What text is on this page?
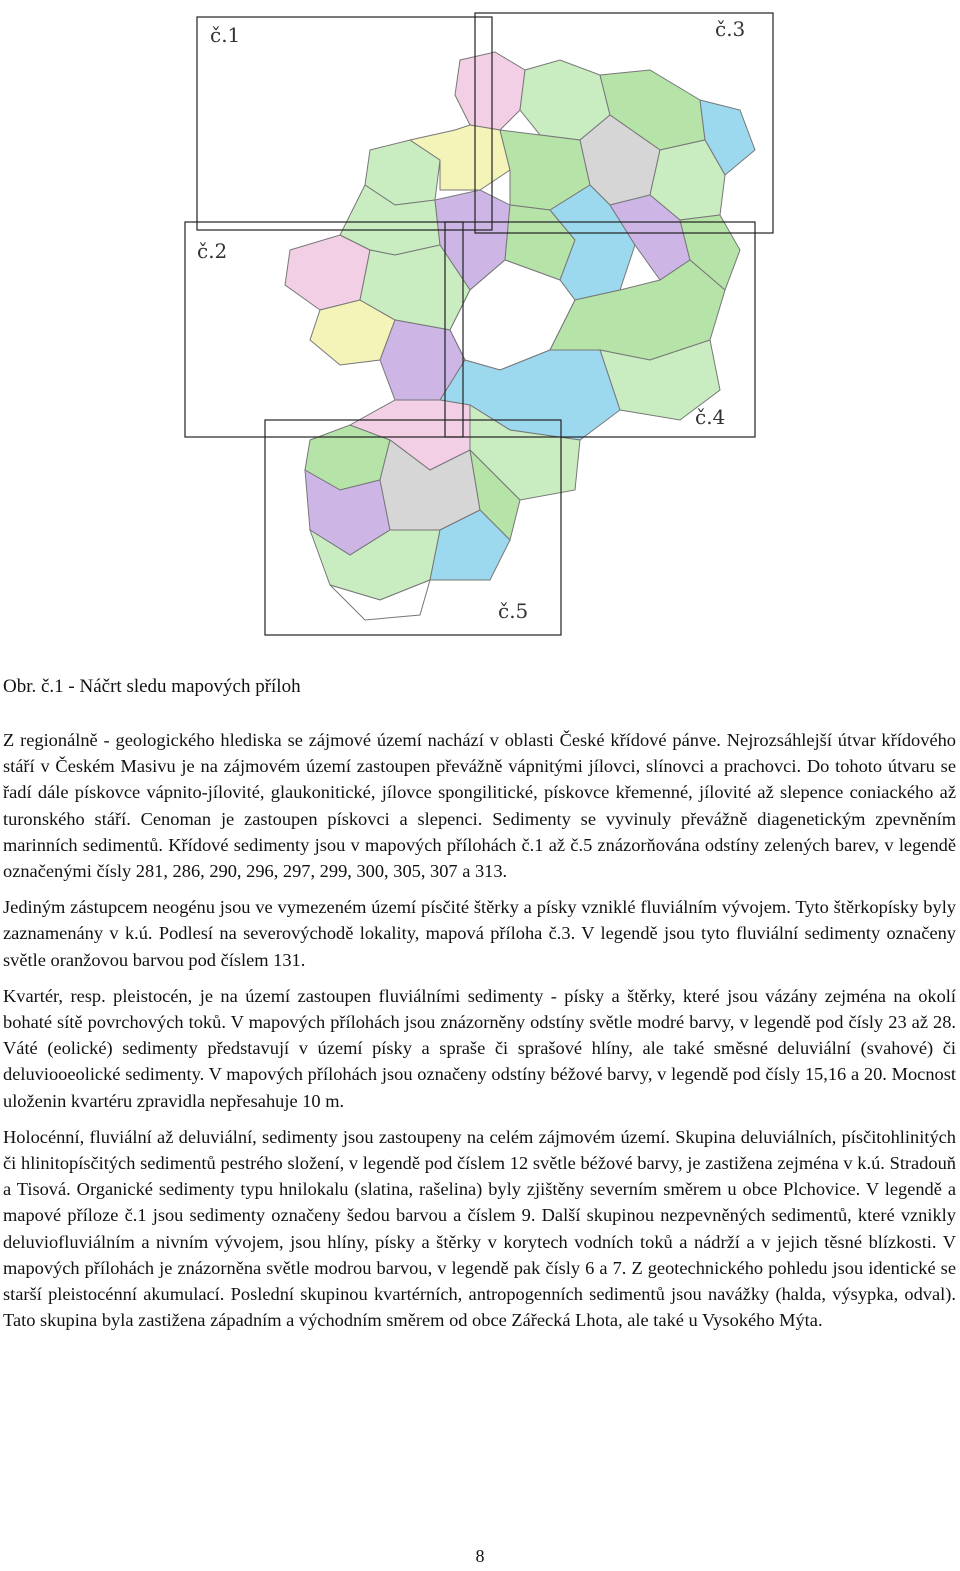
č.1
č.2
č.3
č.4
č.5
Obr. č.1 - Náčrt sledu mapových příloh

Z regionálně - geologického hlediska se zájmové území nachází v oblasti České křídové pánve. Nejrozsáhlejší útvar křídového stáří v Českém Masivu je na zájmovém území zastoupen převážně vápnitými jílovci, slínovci a prachovci. Do tohoto útvaru se řadí dále pískovce vápnito-jílovité, glaukonitické, jílovce spongilitické, pískovce křemenné, jílovité až slepence coniackého až turonského stáří. Cenoman je zastoupen pískovci a slepenci. Sedimenty se vyvinuly převážně diagenetickým zpevněním marinních sedimentů. Křídové sedimenty jsou v mapových přílohách č.1 až č.5 znázorňována odstíny zelených barev, v legendě označenými čísly 281, 286, 290, 296, 297, 299, 300, 305, 307 a 313.

Jediným zástupcem neogénu jsou ve vymezeném území písčité štěrky a písky vzniklé fluviálním vývojem. Tyto štěrkopísky byly zaznamenány v k.ú. Podlesí na severovýchodě lokality, mapová příloha č.3. V legendě jsou tyto fluviální sedimenty označeny světle oranžovou barvou pod číslem 131.

Kvartér, resp. pleistocén, je na území zastoupen fluviálními sedimenty - písky a štěrky, které jsou vázány zejména na okolí bohaté sítě povrchových toků. V mapových přílohách jsou znázorněny odstíny světle modré barvy, v legendě pod čísly 23 až 28. Váté (eolické) sedimenty představují v území písky a spraše či sprašové hlíny, ale také směsné deluviální (svahové) či deluviooeolické sedimenty. V mapových přílohách jsou označeny odstíny béžové barvy, v legendě pod čísly 15,16 a 20. Mocnost uloženin kvartéru zpravidla nepřesahuje 10 m.

Holocénní, fluviální až deluviální, sedimenty jsou zastoupeny na celém zájmovém území. Skupina deluviálních, písčitohlinitých či hlinitopísčitých sedimentů pestrého složení, v legendě pod číslem 12 světle béžové barvy, je zastižena zejména v k.ú. Stradouň a Tisová. Organické sedimenty typu hnilokalu (slatina, rašelina) byly zjištěny severním směrem u obce Plchovice. V legendě a mapové příloze č.1 jsou sedimenty označeny šedou barvou a číslem 9. Další skupinou nezpevněných sedimentů, které vznikly deluviofluviálním a nivním vývojem, jsou hlíny, písky a štěrky v korytech vodních toků a nádrží a v jejich těsné blízkosti. V mapových přílohách je znázorněna světle modrou barvou, v legendě pak čísly 6 a 7. Z geotechnického pohledu jsou identické se starší pleistocénní akumulací. Poslední skupinou kvartérních, antropogenních sedimentů jsou navážky (halda, výsypka, odval). Tato skupina byla zastižena západním a východním směrem od obce Zářecká Lhota, ale také u Vysokého Mýta.

8
